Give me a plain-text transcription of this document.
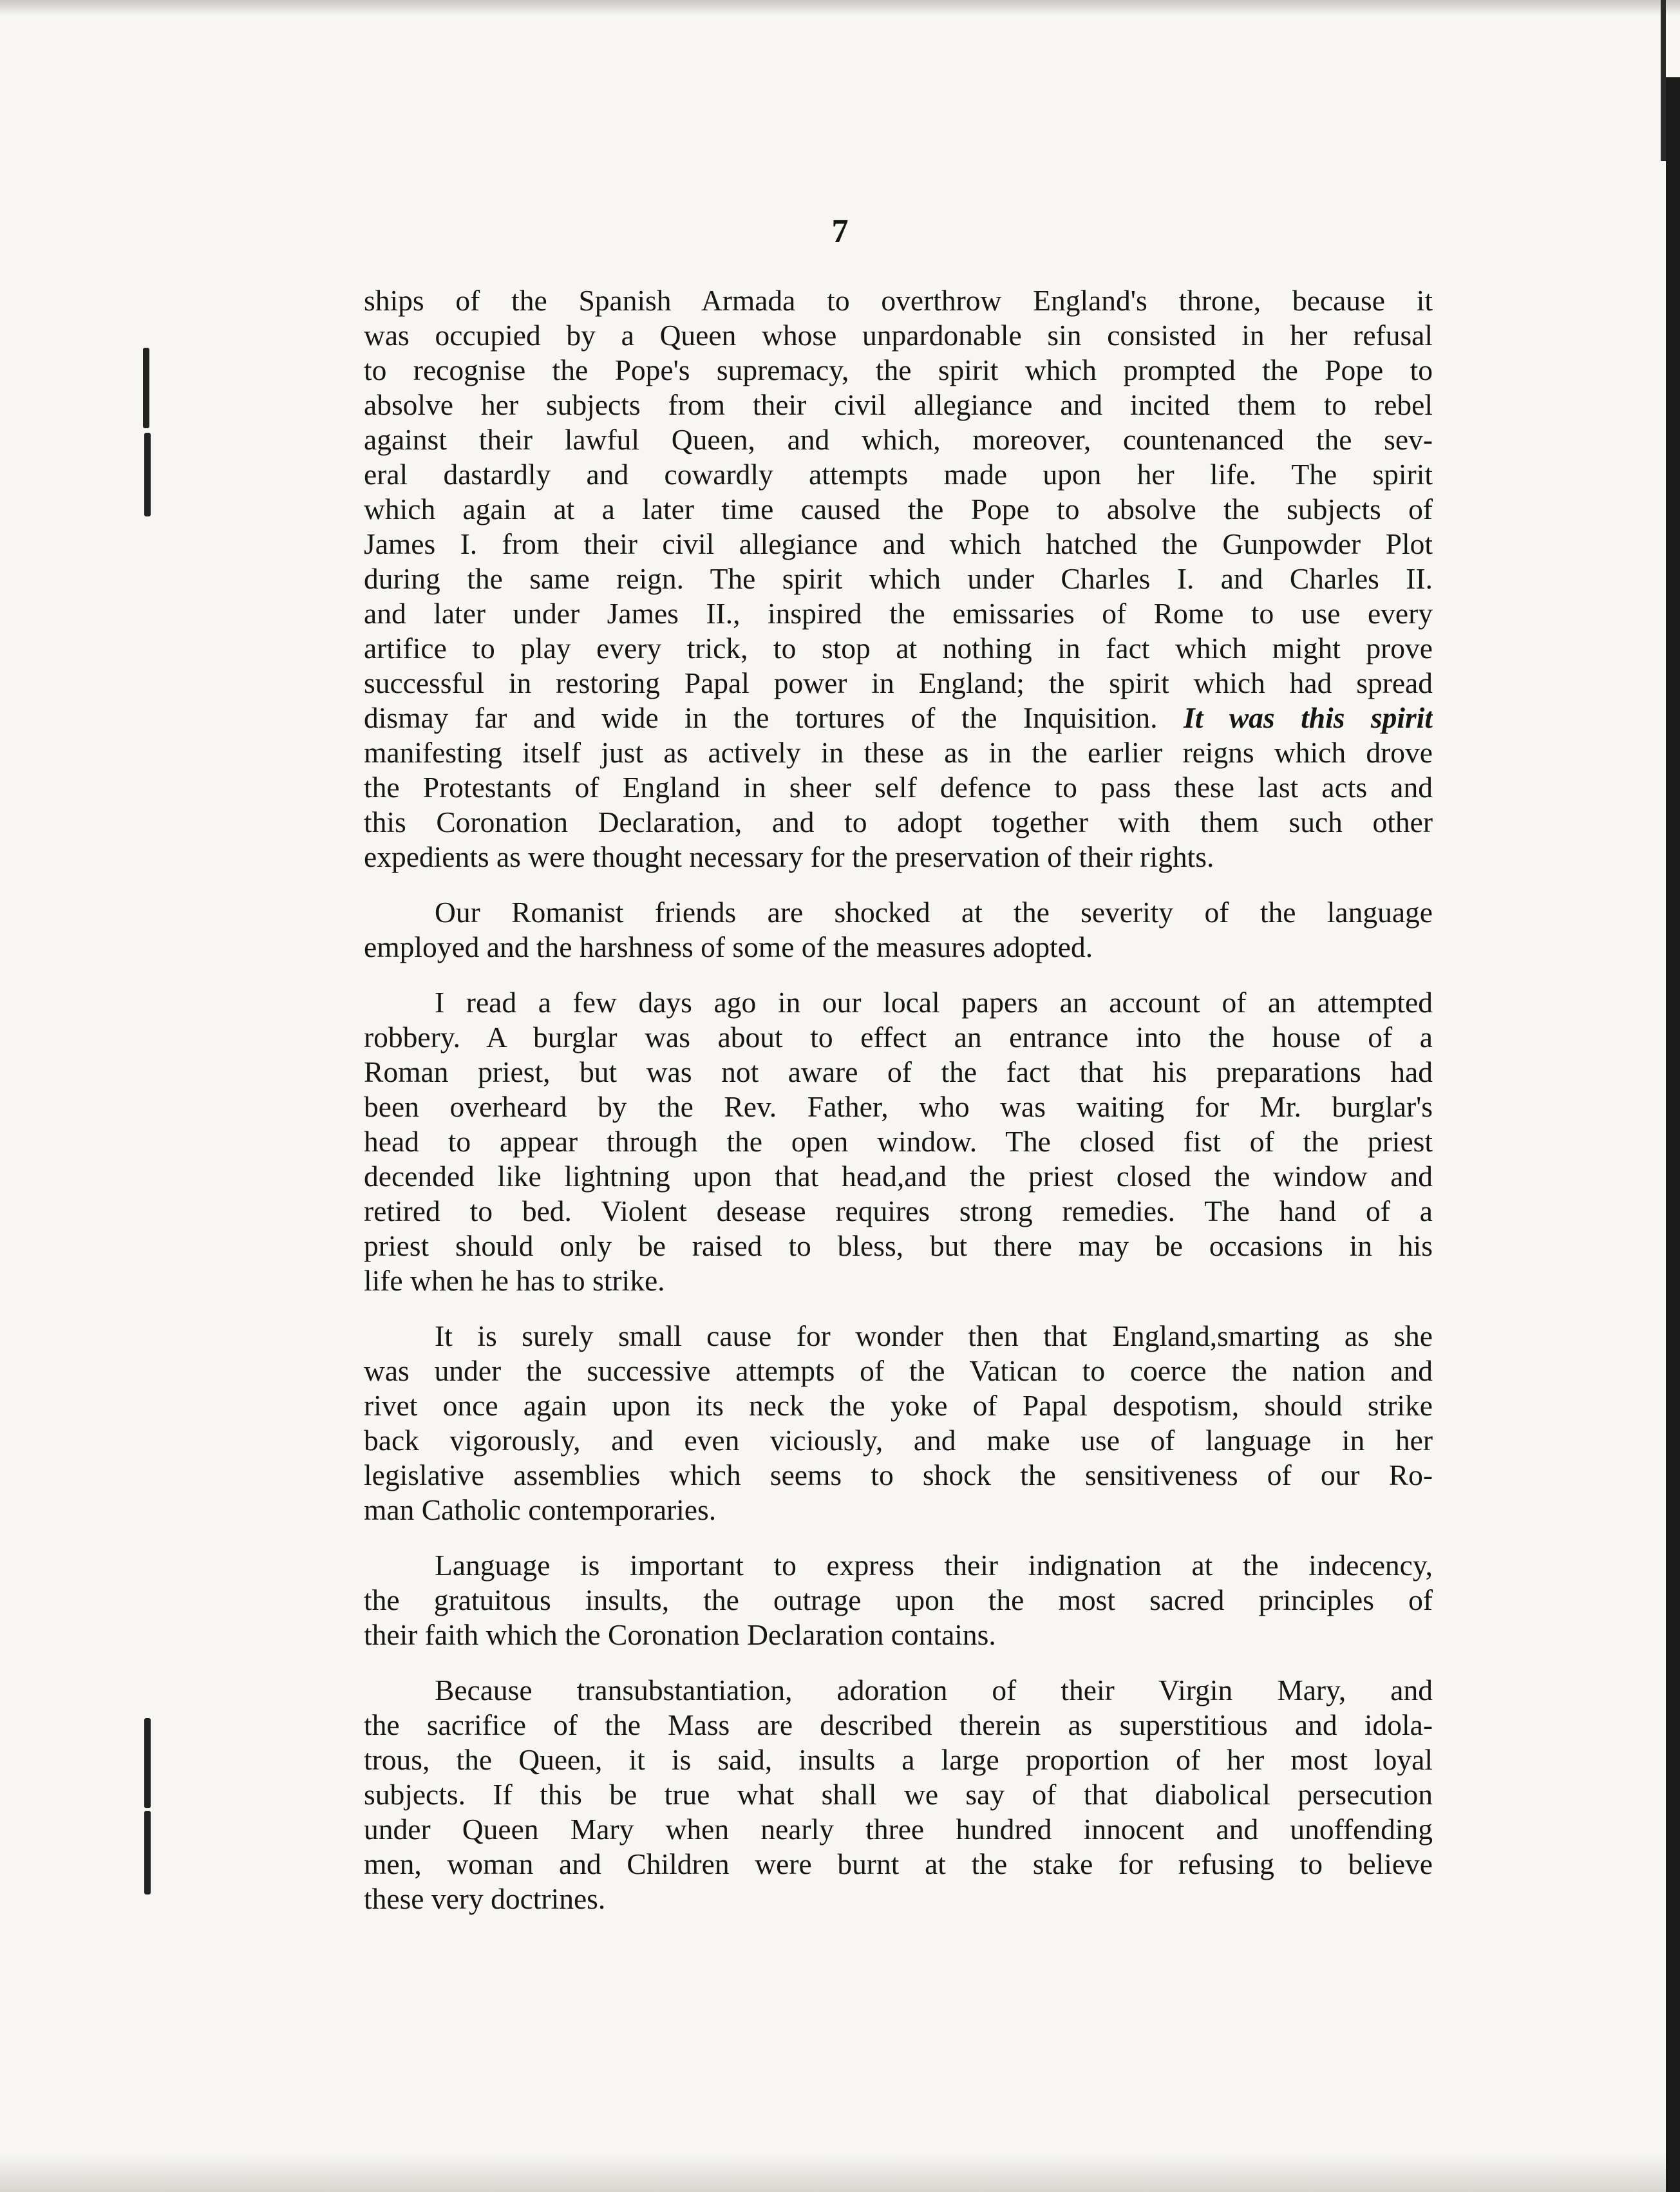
7
ships of the Spanish Armada to overthrow England's throne, because it
was occupied by a Queen whose unpardonable sin consisted in her refusal
to recognise the Pope's supremacy, the spirit which prompted the Pope to
absolve her subjects from their civil allegiance and incited them to rebel
against their lawful Queen, and which, moreover, countenanced the sev-
eral dastardly and cowardly attempts made upon her life. The spirit
which again at a later time caused the Pope to absolve the subjects of
James I. from their civil allegiance and which hatched the Gunpowder Plot
during the same reign. The spirit which under Charles I. and Charles II.
and later under James II., inspired the emissaries of Rome to use every
artifice to play every trick, to stop at nothing in fact which might prove
successful in restoring Papal power in England; the spirit which had spread
dismay far and wide in the tortures of the Inquisition. It was this spirit
manifesting itself just as actively in these as in the earlier reigns which drove
the Protestants of England in sheer self defence to pass these last acts and
this Coronation Declaration, and to adopt together with them such other
expedients as were thought necessary for the preservation of their rights.
Our Romanist friends are shocked at the severity of the language
employed and the harshness of some of the measures adopted.
I read a few days ago in our local papers an account of an attempted
robbery. A burglar was about to effect an entrance into the house of a
Roman priest, but was not aware of the fact that his preparations had
been overheard by the Rev. Father, who was waiting for Mr. burglar's
head to appear through the open window. The closed fist of the priest
decended like lightning upon that head,and the priest closed the window and
retired to bed. Violent desease requires strong remedies. The hand of a
priest should only be raised to bless, but there may be occasions in his
life when he has to strike.
It is surely small cause for wonder then that England,smarting as she
was under the successive attempts of the Vatican to coerce the nation and
rivet once again upon its neck the yoke of Papal despotism, should strike
back vigorously, and even viciously, and make use of language in her
legislative assemblies which seems to shock the sensitiveness of our Ro-
man Catholic contemporaries.
Language is important to express their indignation at the indecency,
the gratuitous insults, the outrage upon the most sacred principles of
their faith which the Coronation Declaration contains.
Because transubstantiation, adoration of their Virgin Mary, and
the sacrifice of the Mass are described therein as superstitious and idola-
trous, the Queen, it is said, insults a large proportion of her most loyal
subjects. If this be true what shall we say of that diabolical persecution
under Queen Mary when nearly three hundred innocent and unoffending
men, woman and Children were burnt at the stake for refusing to believe
these very doctrines.
